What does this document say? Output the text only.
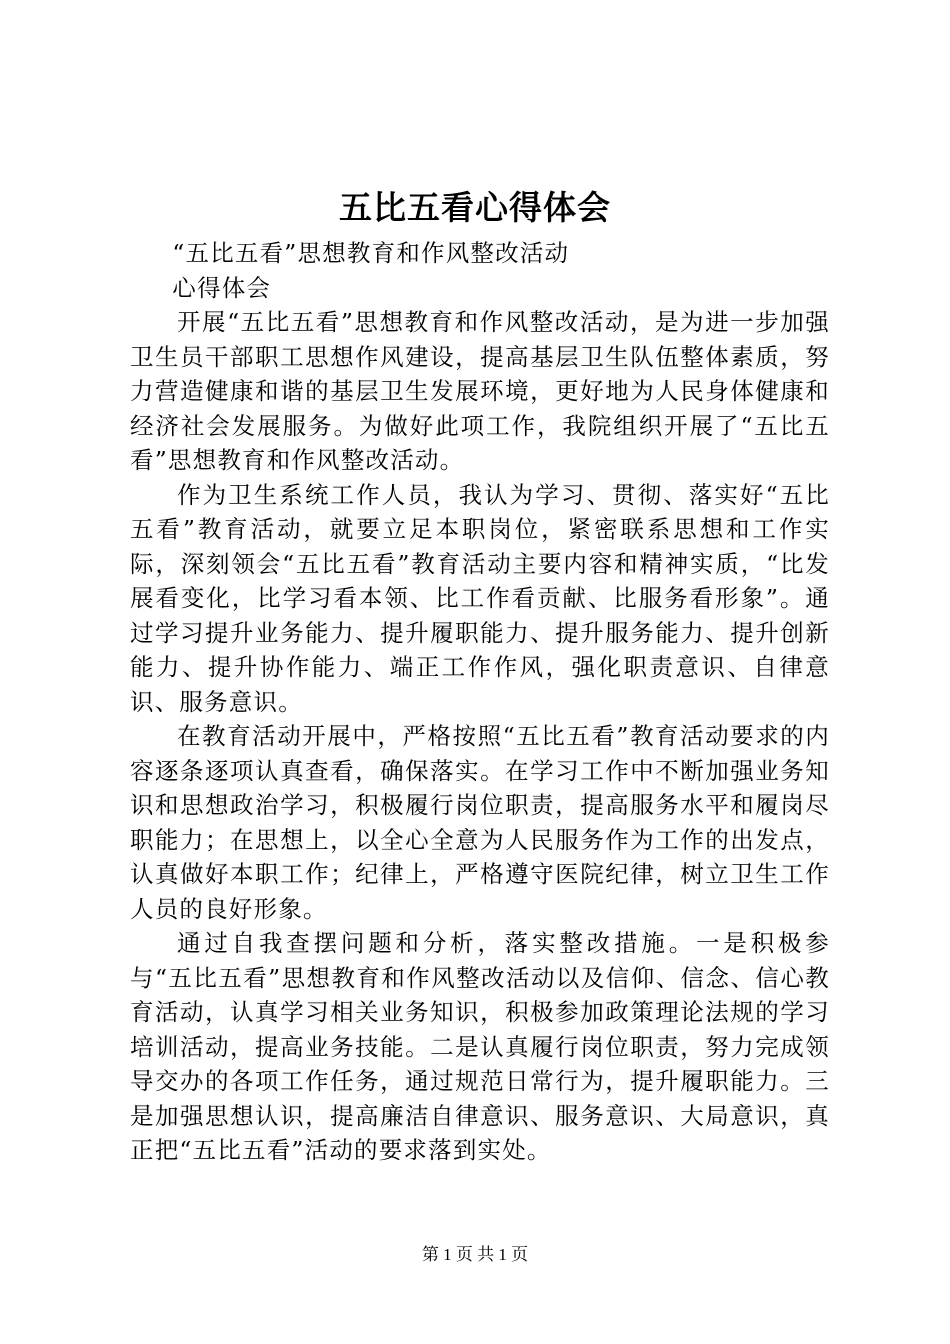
五比五看心得体会

“五比五看”思想教育和作风整改活动

心得体会

开展“五比五看”思想教育和作风整改活动，是为进一步加强卫生员干部职工思想作风建设，提高基层卫生队伍整体素质，努力营造健康和谐的基层卫生发展环境，更好地为人民身体健康和经济社会发展服务。为做好此项工作，我院组织开展了“五比五看”思想教育和作风整改活动。

作为卫生系统工作人员，我认为学习、贯彻、落实好“五比五看”教育活动，就要立足本职岗位，紧密联系思想和工作实际，深刻领会“五比五看”教育活动主要内容和精神实质，“比发展看变化，比学习看本领、比工作看贡献、比服务看形象”。通过学习提升业务能力、提升履职能力、提升服务能力、提升创新能力、提升协作能力、端正工作作风，强化职责意识、自律意识、服务意识。

在教育活动开展中，严格按照“五比五看”教育活动要求的内容逐条逐项认真查看，确保落实。在学习工作中不断加强业务知识和思想政治学习，积极履行岗位职责，提高服务水平和履岗尽职能力；在思想上，以全心全意为人民服务作为工作的出发点，认真做好本职工作；纪律上，严格遵守医院纪律，树立卫生工作人员的良好形象。

通过自我查摆问题和分析，落实整改措施。一是积极参与“五比五看”思想教育和作风整改活动以及信仰、信念、信心教育活动，认真学习相关业务知识，积极参加政策理论法规的学习培训活动，提高业务技能。二是认真履行岗位职责，努力完成领导交办的各项工作任务，通过规范日常行为，提升履职能力。三是加强思想认识，提高廉洁自律意识、服务意识、大局意识，真正把“五比五看”活动的要求落到实处。

第 1 页 共 1 页
